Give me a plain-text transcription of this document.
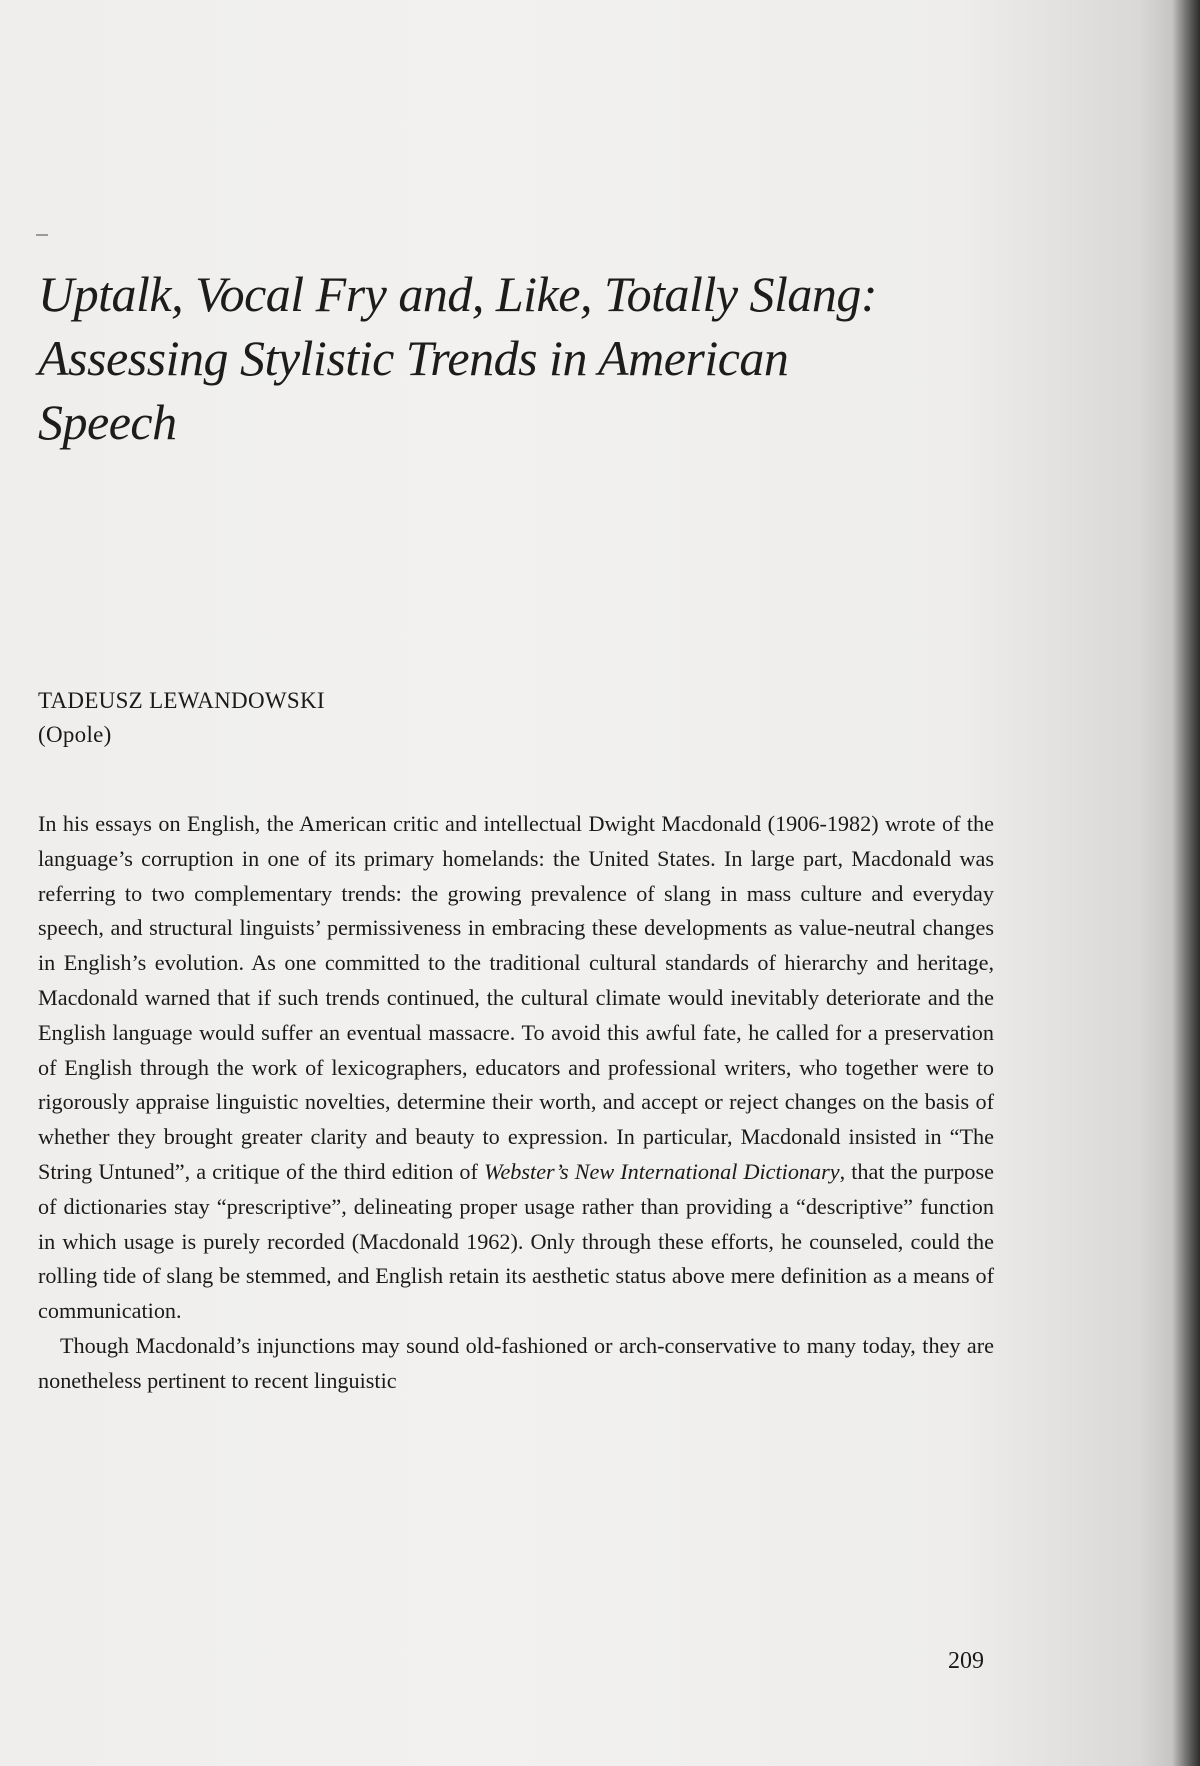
Uptalk, Vocal Fry and, Like, Totally Slang:
Assessing Stylistic Trends in American
Speech
TADEUSZ LEWANDOWSKI
(Opole)

In his essays on English, the American critic and intellectual Dwight Macdonald (1906-1982) wrote of the language’s corruption in one of its primary homelands: the United States. In large part, Macdonald was referring to two complementary trends: the growing prevalence of slang in mass culture and everyday speech, and structural linguists’ permissiveness in embracing these developments as value-neutral changes in English’s evolution. As one committed to the traditional cultural standards of hierarchy and heritage, Macdonald warned that if such trends continued, the cultural climate would inevitably deteriorate and the English language would suffer an eventual massacre. To avoid this awful fate, he called for a preservation of English through the work of lexicographers, educators and professional writers, who together were to rigorously appraise linguistic novelties, determine their worth, and accept or reject changes on the basis of whether they brought greater clarity and beauty to expression. In particular, Macdonald insisted in “The String Untuned”, a critique of the third edition of Webster’s New International Dictionary, that the purpose of dictionaries stay “prescriptive”, delineating proper usage rather than providing a “descriptive” function in which usage is purely recorded (Macdonald 1962). Only through these efforts, he counseled, could the rolling tide of slang be stemmed, and English retain its aesthetic status above mere definition as a means of communication.

Though Macdonald’s injunctions may sound old-fashioned or arch-conservative to many today, they are nonetheless pertinent to recent linguistic

209
